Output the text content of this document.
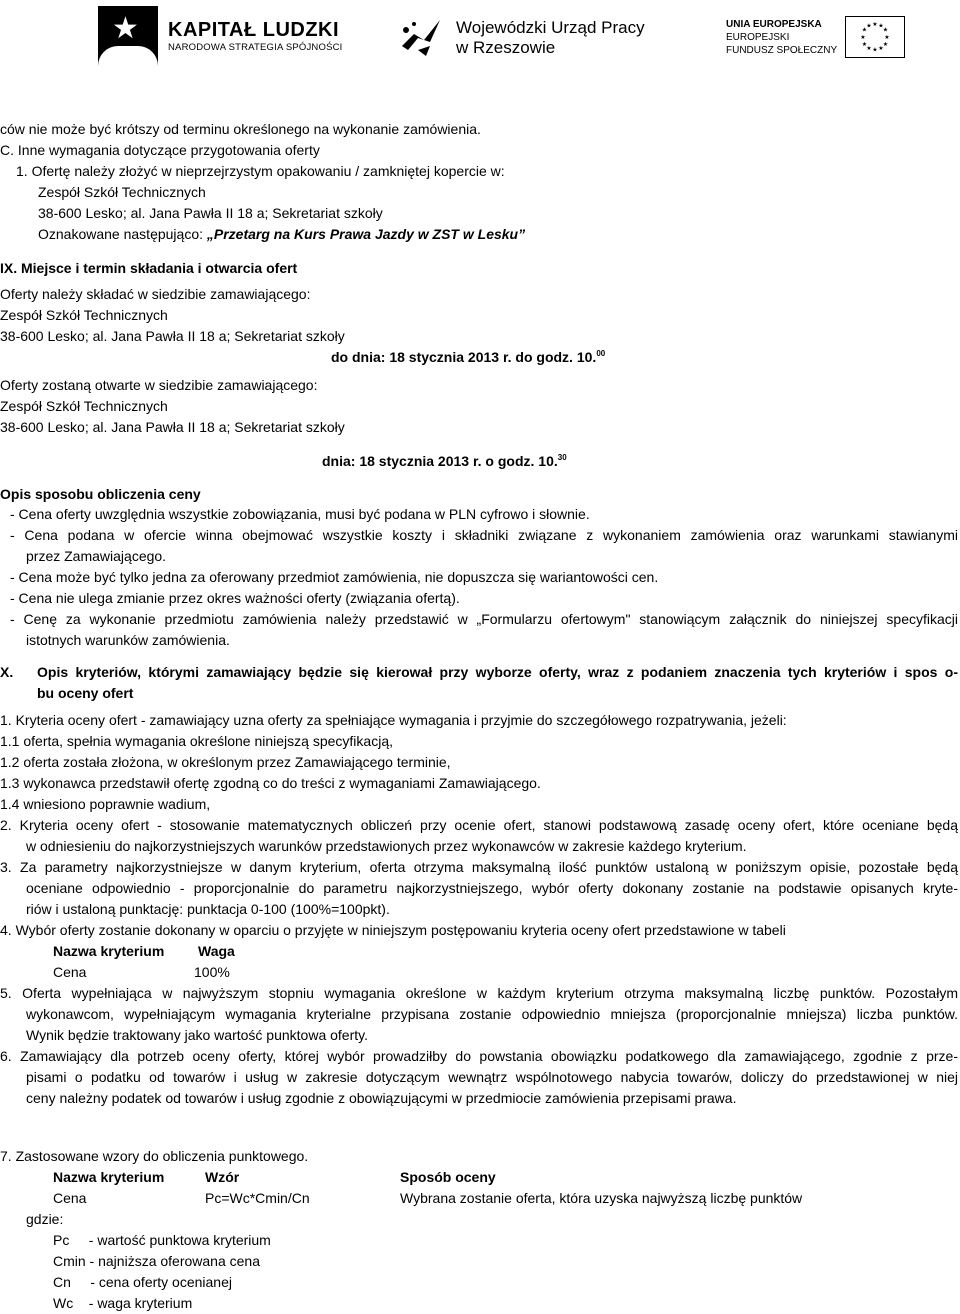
★ KAPITAŁ LUDZKI
NARODOWA STRATEGIA SPÓJNOŚCI
Wojewódzki Urząd Pracy
w Rzeszowie
UNIA EUROPEJSKA
EUROPEJSKI
FUNDUSZ SPOŁECZNY
★ ★
★
★
★
★
★
★
★
★
★
★
ców nie może być krótszy od terminu określonego na wykonanie zamówienia.
C. Inne wymagania dotyczące przygotowania oferty
1. Ofertę należy złożyć w nieprzejrzystym opakowaniu / zamkniętej kopercie w:
Zespół Szkół Technicznych
38-600 Lesko; al. Jana Pawła II 18 a; Sekretariat szkoły
Oznakowane następująco: „Przetarg na Kurs Prawa Jazdy w ZST w Lesku”
IX. Miejsce i termin składania i otwarcia ofert
Oferty należy składać w siedzibie zamawiającego:
Zespół Szkół Technicznych
38-600 Lesko; al. Jana Pawła II 18 a; Sekretariat szkoły
do dnia: 18 stycznia 2013 r. do godz. 10.00
Oferty zostaną otwarte w siedzibie zamawiającego:
Zespół Szkół Technicznych
38-600 Lesko; al. Jana Pawła II 18 a; Sekretariat szkoły
dnia: 18 stycznia 2013 r. o godz. 10.30
Opis sposobu obliczenia ceny
- Cena oferty uwzględnia wszystkie zobowiązania, musi być podana w PLN cyfrowo i słownie.
- Cena podana w ofercie winna obejmować wszystkie koszty i składniki związane z wykonaniem zamówienia oraz warunkami stawianymi
przez Zamawiającego.
- Cena może być tylko jedna za oferowany przedmiot zamówienia, nie dopuszcza się wariantowości cen.
- Cena nie ulega zmianie przez okres ważności oferty (związania ofertą).
- Cenę za wykonanie przedmiotu zamówienia należy przedstawić w „Formularzu ofertowym" stanowiącym załącznik do niniejszej specyfikacji
istotnych warunków zamówienia.
X. Opis kryteriów, którymi zamawiający będzie się kierował przy wyborze oferty, wraz z podaniem znaczenia tych kryteriów i spos o-
bu oceny ofert
1. Kryteria oceny ofert - zamawiający uzna oferty za spełniające wymagania i przyjmie do szczegółowego rozpatrywania, jeżeli:
1.1 oferta, spełnia wymagania określone niniejszą specyfikacją,
1.2 oferta została złożona, w określonym przez Zamawiającego terminie,
1.3 wykonawca przedstawił ofertę zgodną co do treści z wymaganiami Zamawiającego.
1.4 wniesiono poprawnie wadium,
2. Kryteria oceny ofert - stosowanie matematycznych obliczeń przy ocenie ofert, stanowi podstawową zasadę oceny ofert, które oceniane będą
w odniesieniu do najkorzystniejszych warunków przedstawionych przez wykonawców w zakresie każdego kryterium.
3. Za parametry najkorzystniejsze w danym kryterium, oferta otrzyma maksymalną ilość punktów ustaloną w poniższym opisie, pozostałe będą
oceniane odpowiednio - proporcjonalnie do parametru najkorzystniejszego, wybór oferty dokonany zostanie na podstawie opisanych kryte-
riów i ustaloną punktację: punktacja 0-100 (100%=100pkt).
4. Wybór oferty zostanie dokonany w oparciu o przyjęte w niniejszym postępowaniu kryteria oceny ofert przedstawione w tabeli
Nazwa kryterium Waga
Cena	100%
5. Oferta wypełniająca w najwyższym stopniu wymagania określone w każdym kryterium otrzyma maksymalną liczbę punktów. Pozostałym
wykonawcom, wypełniającym wymagania kryterialne przypisana zostanie odpowiednio mniejsza (proporcjonalnie mniejsza) liczba punktów.
Wynik będzie traktowany jako wartość punktowa oferty.
6. Zamawiający dla potrzeb oceny oferty, której wybór prowadziłby do powstania obowiązku podatkowego dla zamawiającego, zgodnie z prze-
pisami o podatku od towarów i usług w zakresie dotyczącym wewnątrz wspólnotowego nabycia towarów, doliczy do przedstawionej w niej
ceny należny podatek od towarów i usług zgodnie z obowiązującymi w przedmiocie zamówienia przepisami prawa.
7. Zastosowane wzory do obliczenia punktowego.
Nazwa kryterium	Wzór	Sposób oceny
Cena	Pc=Wc*Cmin/Cn	Wybrana zostanie oferta, która uzyska najwyższą liczbę punktów
gdzie:
Pc     - wartość punktowa kryterium
Cmin - najniższa oferowana cena
Cn     - cena oferty ocenianej
Wc    - waga kryterium
